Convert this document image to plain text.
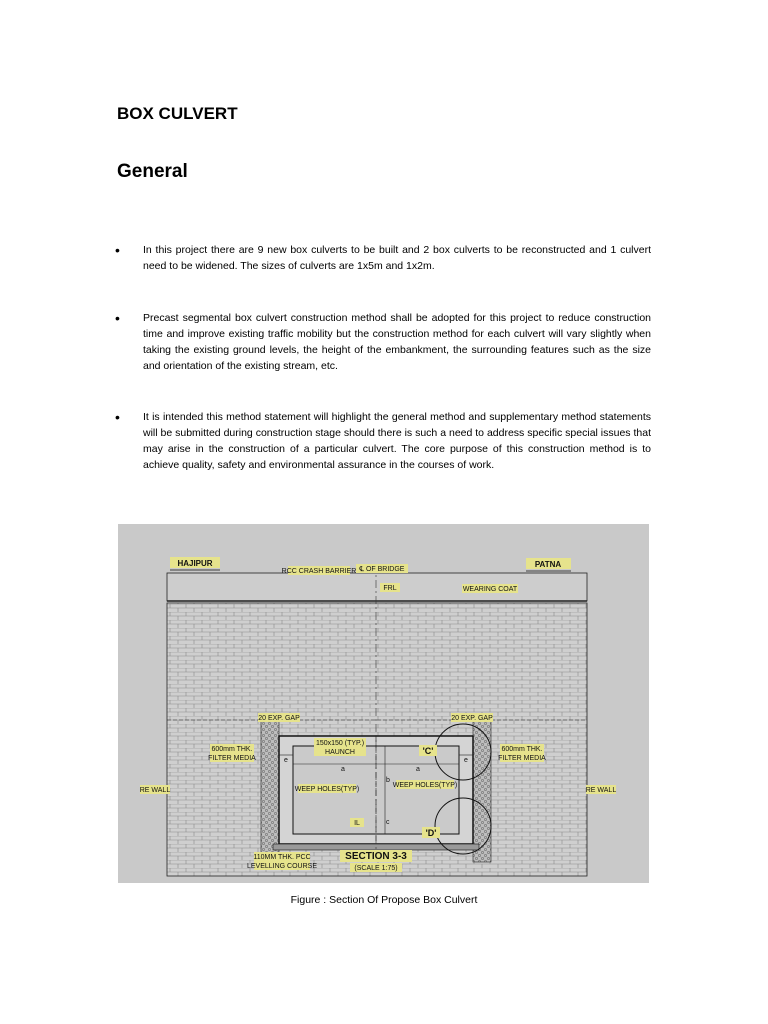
BOX CULVERT
General
• In this project there are 9 new box culverts to be built and 2 box culverts to be reconstructed and 1 culvert need to be widened. The sizes of culverts are 1x5m and 1x2m.
• Precast segmental box culvert construction method shall be adopted for this project to reduce construction time and improve existing traffic mobility but the construction method for each culvert will vary slightly when taking the existing ground levels, the height of the embankment, the surrounding features such as the size and orientation of the existing stream, etc.
• It is intended this method statement will highlight the general method and supplementary method statements will be submitted during construction stage should there is such a need to address specific special issues that may arise in the construction of a particular culvert. The core purpose of this construction method is to achieve quality, safety and environmental assurance in the courses of work.
HAJIPUR	PATNA
RCC CRASH BARRIER ℄ OF BRIDGE
FRL	WEARING COAT
20 EXP. GAP	20 EXP. GAP
600mm THK.
FILTER MEDIA
600mm THK.
FILTER MEDIA
150x150 (TYP.)
HAUNCH
WEEP HOLES(TYP)
WEEP HOLES(TYP)
RE WALL	RE WALL
IL
'C'
'D'
110MM THK. PCC
LEVELLING COURSE
SECTION 3-3
(SCALE 1:75)
a	a
b
c
e	e
Figure : Section Of Propose Box Culvert
